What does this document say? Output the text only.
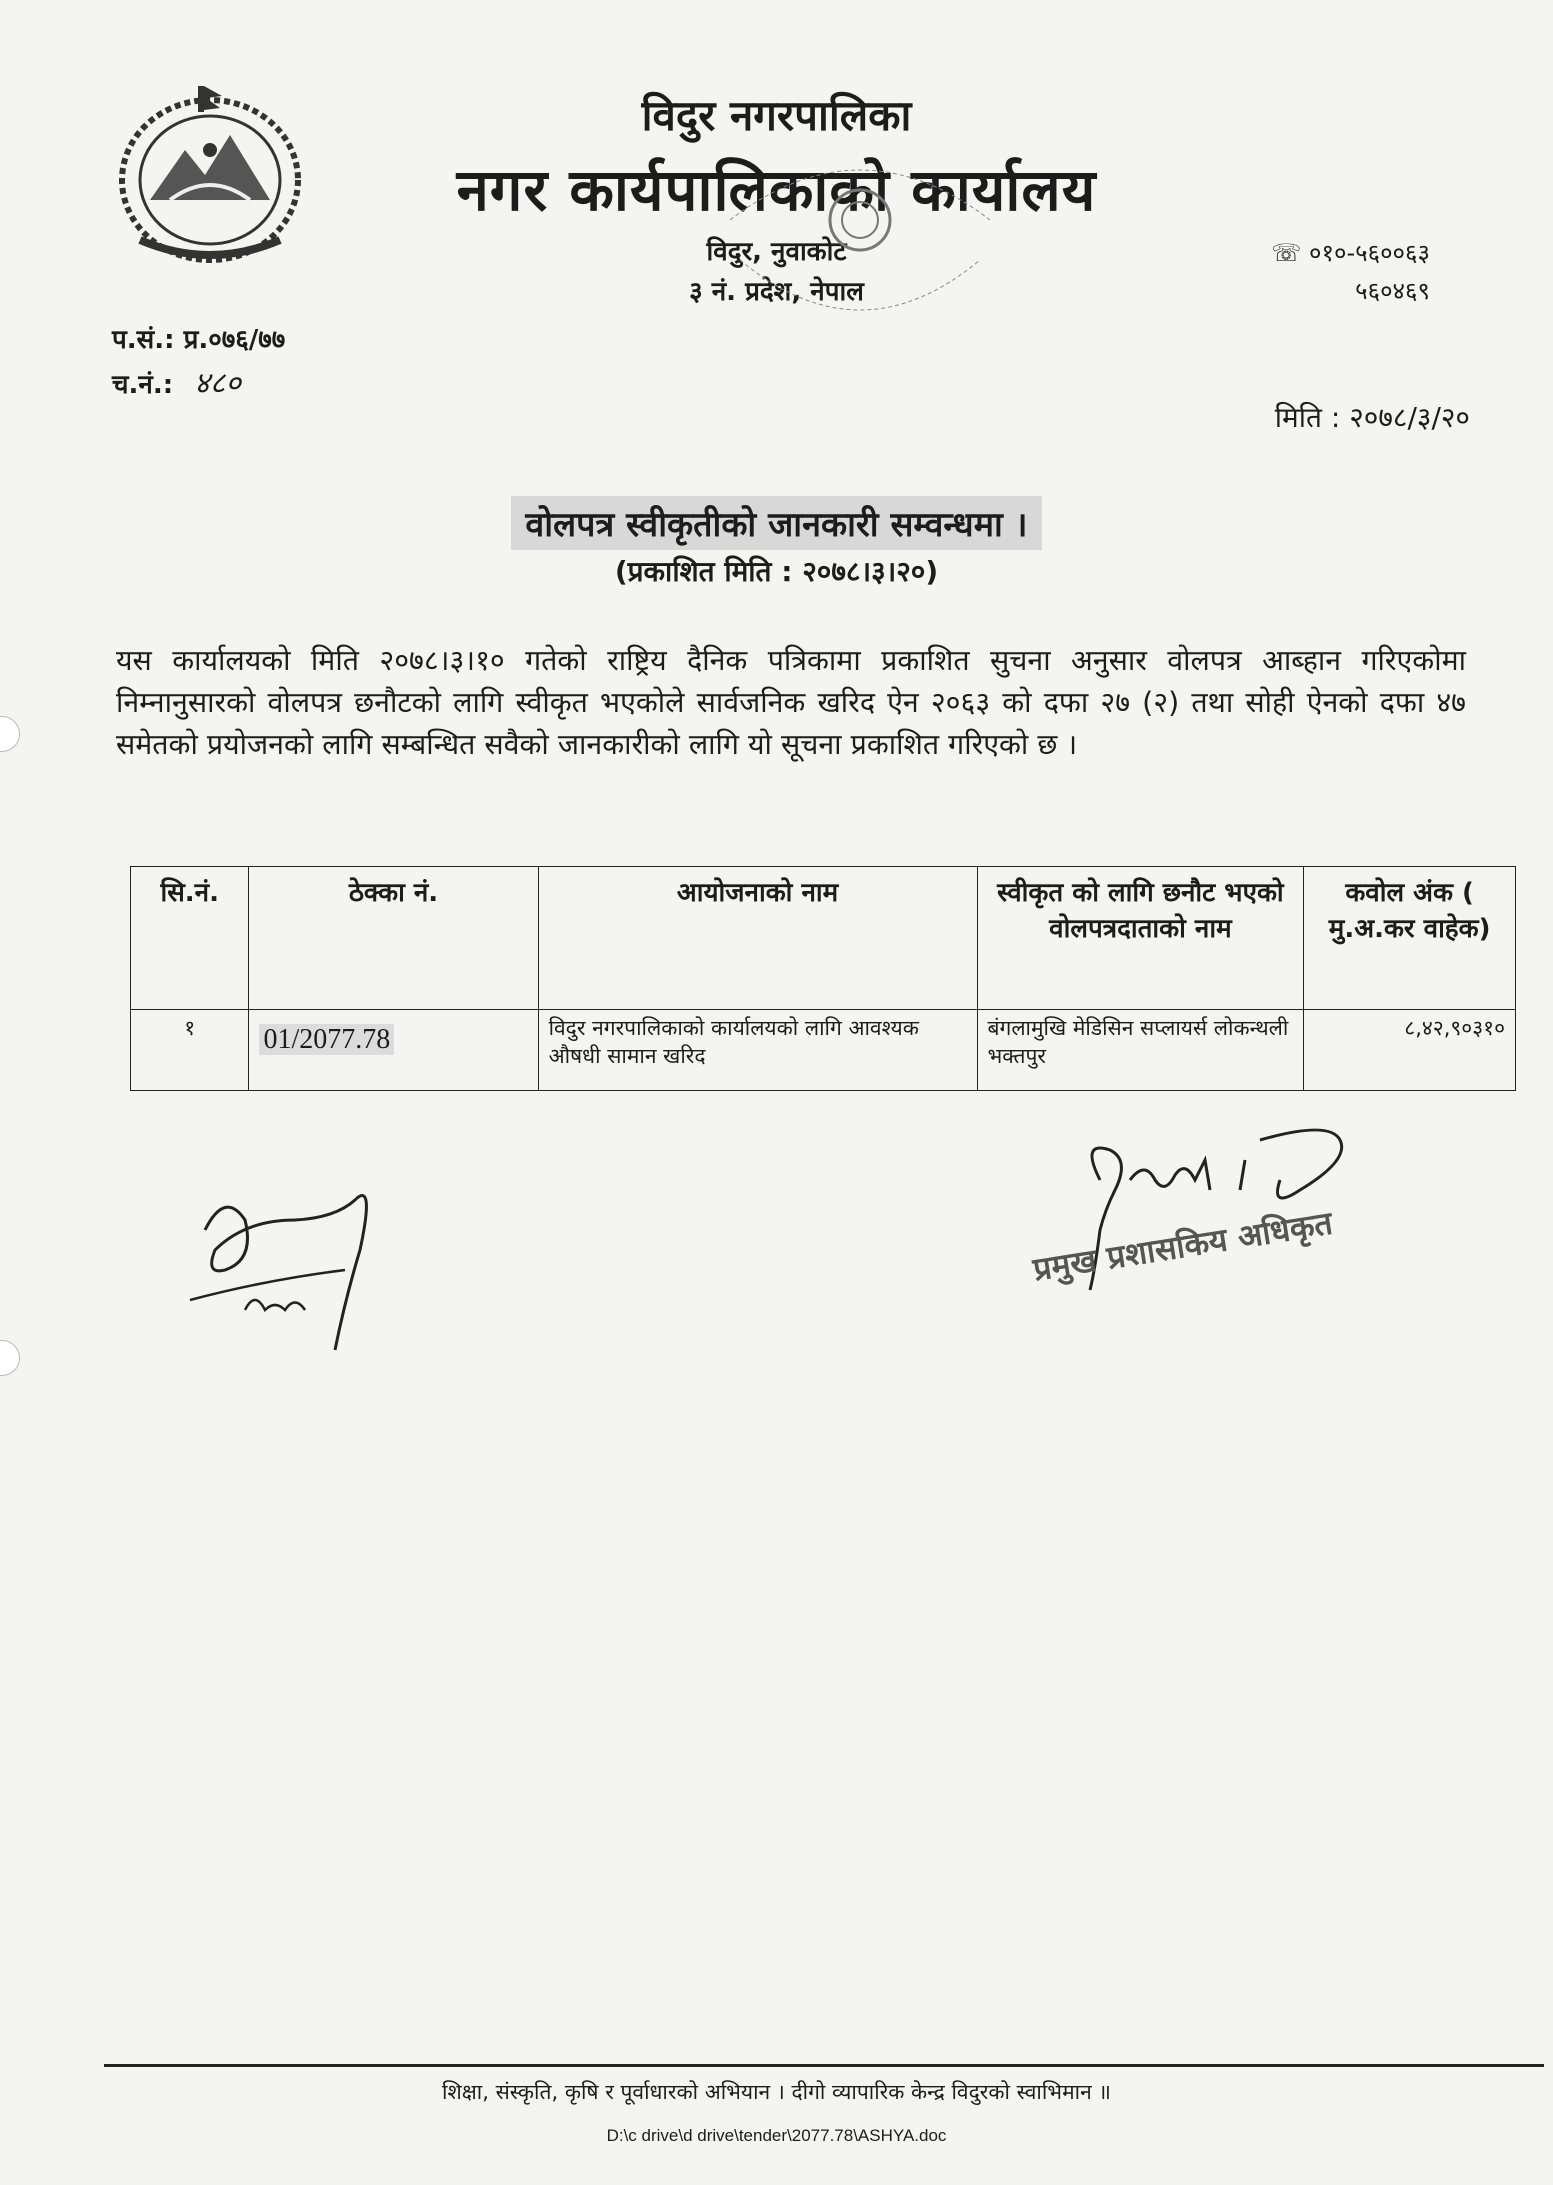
विदुर नगरपालिका
नगर कार्यपालिकाको कार्यालय
विदुर, नुवाकोट
३ नं. प्रदेश, नेपाल
☏ ०१०-५६००६३
५६०४६९
प.सं.: प्र.०७६/७७
च.नं.: ४८०
मिति : २०७८/३/२०
वोलपत्र स्वीकृतीको जानकारी सम्वन्धमा ।
(प्रकाशित मिति : २०७८।३।२०)
यस कार्यालयको मिति २०७८।३।१० गतेको राष्ट्रिय दैनिक पत्रिकामा प्रकाशित सुचना अनुसार वोलपत्र आब्हान गरिएकोमा निम्नानुसारको वोलपत्र छनौटको लागि स्वीकृत भएकोले सार्वजनिक खरिद ऐन २०६३ को दफा २७ (२) तथा सोही ऐनको दफा ४७ समेतको प्रयोजनको लागि सम्बन्धित सवैको जानकारीको लागि यो सूचना प्रकाशित गरिएको छ ।
सि.नं.	ठेक्का नं.	आयोजनाको नाम	स्वीकृत को लागि छनौट भएको वोलपत्रदाताको नाम	कवोल अंक ( मु.अ.कर वाहेक)
१	01/2077.78	विदुर नगरपालिकाको कार्यालयको लागि आवश्यक औषधी सामान खरिद	बंगलामुखि मेडिसिन सप्लायर्स लोकन्थली भक्तपुर	८,४२,९०३१०
प्रमुख प्रशासकिय अधिकृत
शिक्षा, संस्कृति, कृषि र पूर्वाधारको अभियान । दीगो व्यापारिक केन्द्र विदुरको स्वाभिमान ॥
D:\c drive\d drive\tender\2077.78\ASHYA.doc
